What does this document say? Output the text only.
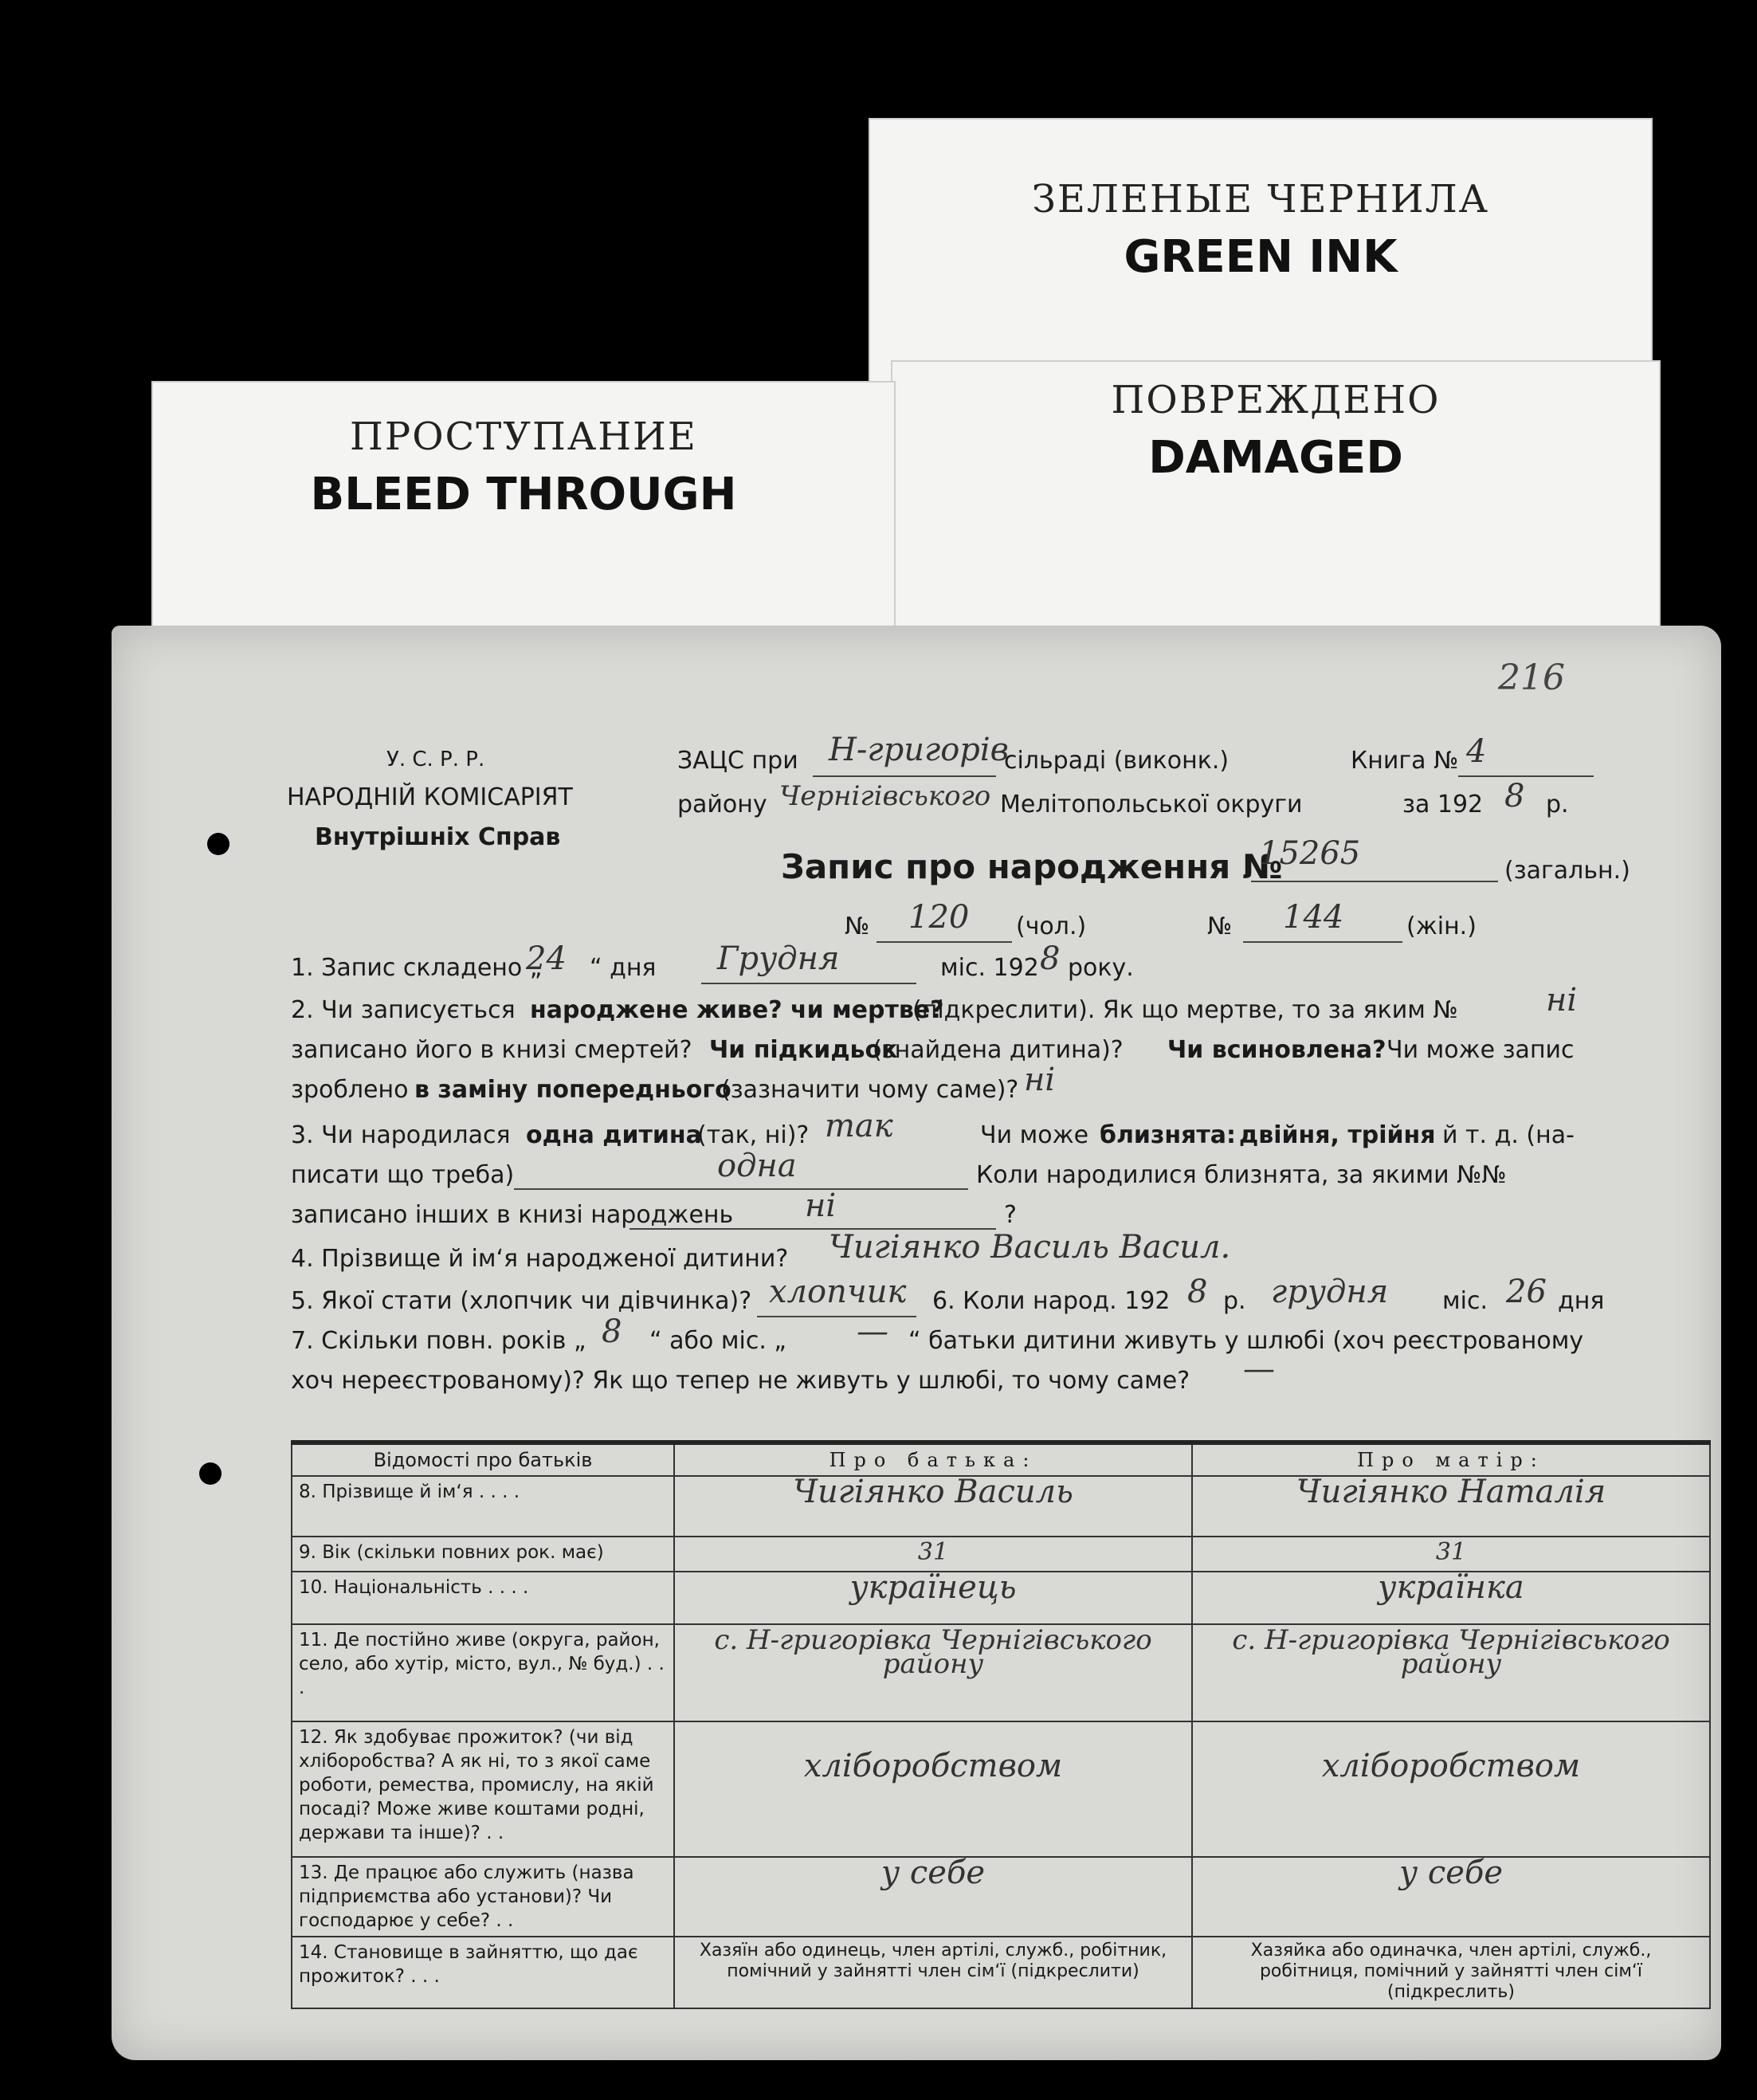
ЗЕЛЕНЫЕ ЧЕРНИЛА
GREEN INK
ПОВРЕЖДЕНО
DAMAGED
ПРОСТУПАНИЕ
BLEED THROUGH
216
У. С. Р. Р.
НАРОДНІЙ КОМІСАРІЯТ
Внутрішніх Справ
ЗАЦС при Н-григорів
сільраді (виконк.)	Книга № 4
району Чернігівського Мелітопольської округи	за 192 8 р.
Запис про народження №
15265	(загальн.)
№ 120 (чол.)	№ 144	(жін.)
1. Запис складено „
24 “ дня Грудня	міс. 192 8 року.
2. Чи записується народжене живе? чи мертве?
(підкреслити). Як що мертве, то за яким №	ні
записано його в книзі смертей? Чи підкидьок
(знайдена дитина)? Чи всиновлена? Чи може запис
зроблено в заміну попереднього
(зазначити чому саме)? ні
3. Чи народилася одна дитина
(так, ні)? так	Чи може близнята: двійня, трійня й т. д. (на-
писати що треба)	одна	Коли народилися близнята, за якими №№
записано інших в книзі народжень ні	?
4. Прізвище й ім‘я народженої дитини? Чигіянко Василь Васил.
5. Якої стати (хлопчик чи дівчинка)? хлопчик 6. Коли народ. 192 8 р. грудня міс. 26 дня
7. Скільки повн. років „ 8 “ або міс. „ — “ батьки дитини живуть у шлюбі (хоч реєстрованому
хоч нереєстрованому)? Як що тепер не живуть у шлюбі, то чому саме? —
Відомості про батьків	Про батька:	Про матір:
8. Прізвище й ім‘я . . . .	Чигіянко Василь	Чигіянко Наталія
9. Вік (скільки повних рок. має)	31	31
10. Національність . . . .	українець	українка
11. Де постійно живе (округа, район, село, або хутір, місто, вул., № буд.) . . .	с. Н-григорівка Чернігівського району	с. Н-григорівка Чернігівського району
12. Як здобуває прожиток? (чи від хліборобства? А як ні, то з якої саме роботи, ремества, промислу, на якій посаді? Може живе коштами родні, держави та інше)? . .	хліборобством	хліборобством
13. Де працює або служить (назва підприємства або установи)? Чи господарює у себе? . .	у себе	у себе
14. Становище в зайняттю, що дає прожиток? . . .	Хазяїн або одинець, член артілі, служб., робітник, помічний у зайнятті член сім‘ї (підкреслити)	Хазяйка або одиначка, член артілі, служб., робітниця, помічний у зайнятті член сім‘ї (підкреслить)
